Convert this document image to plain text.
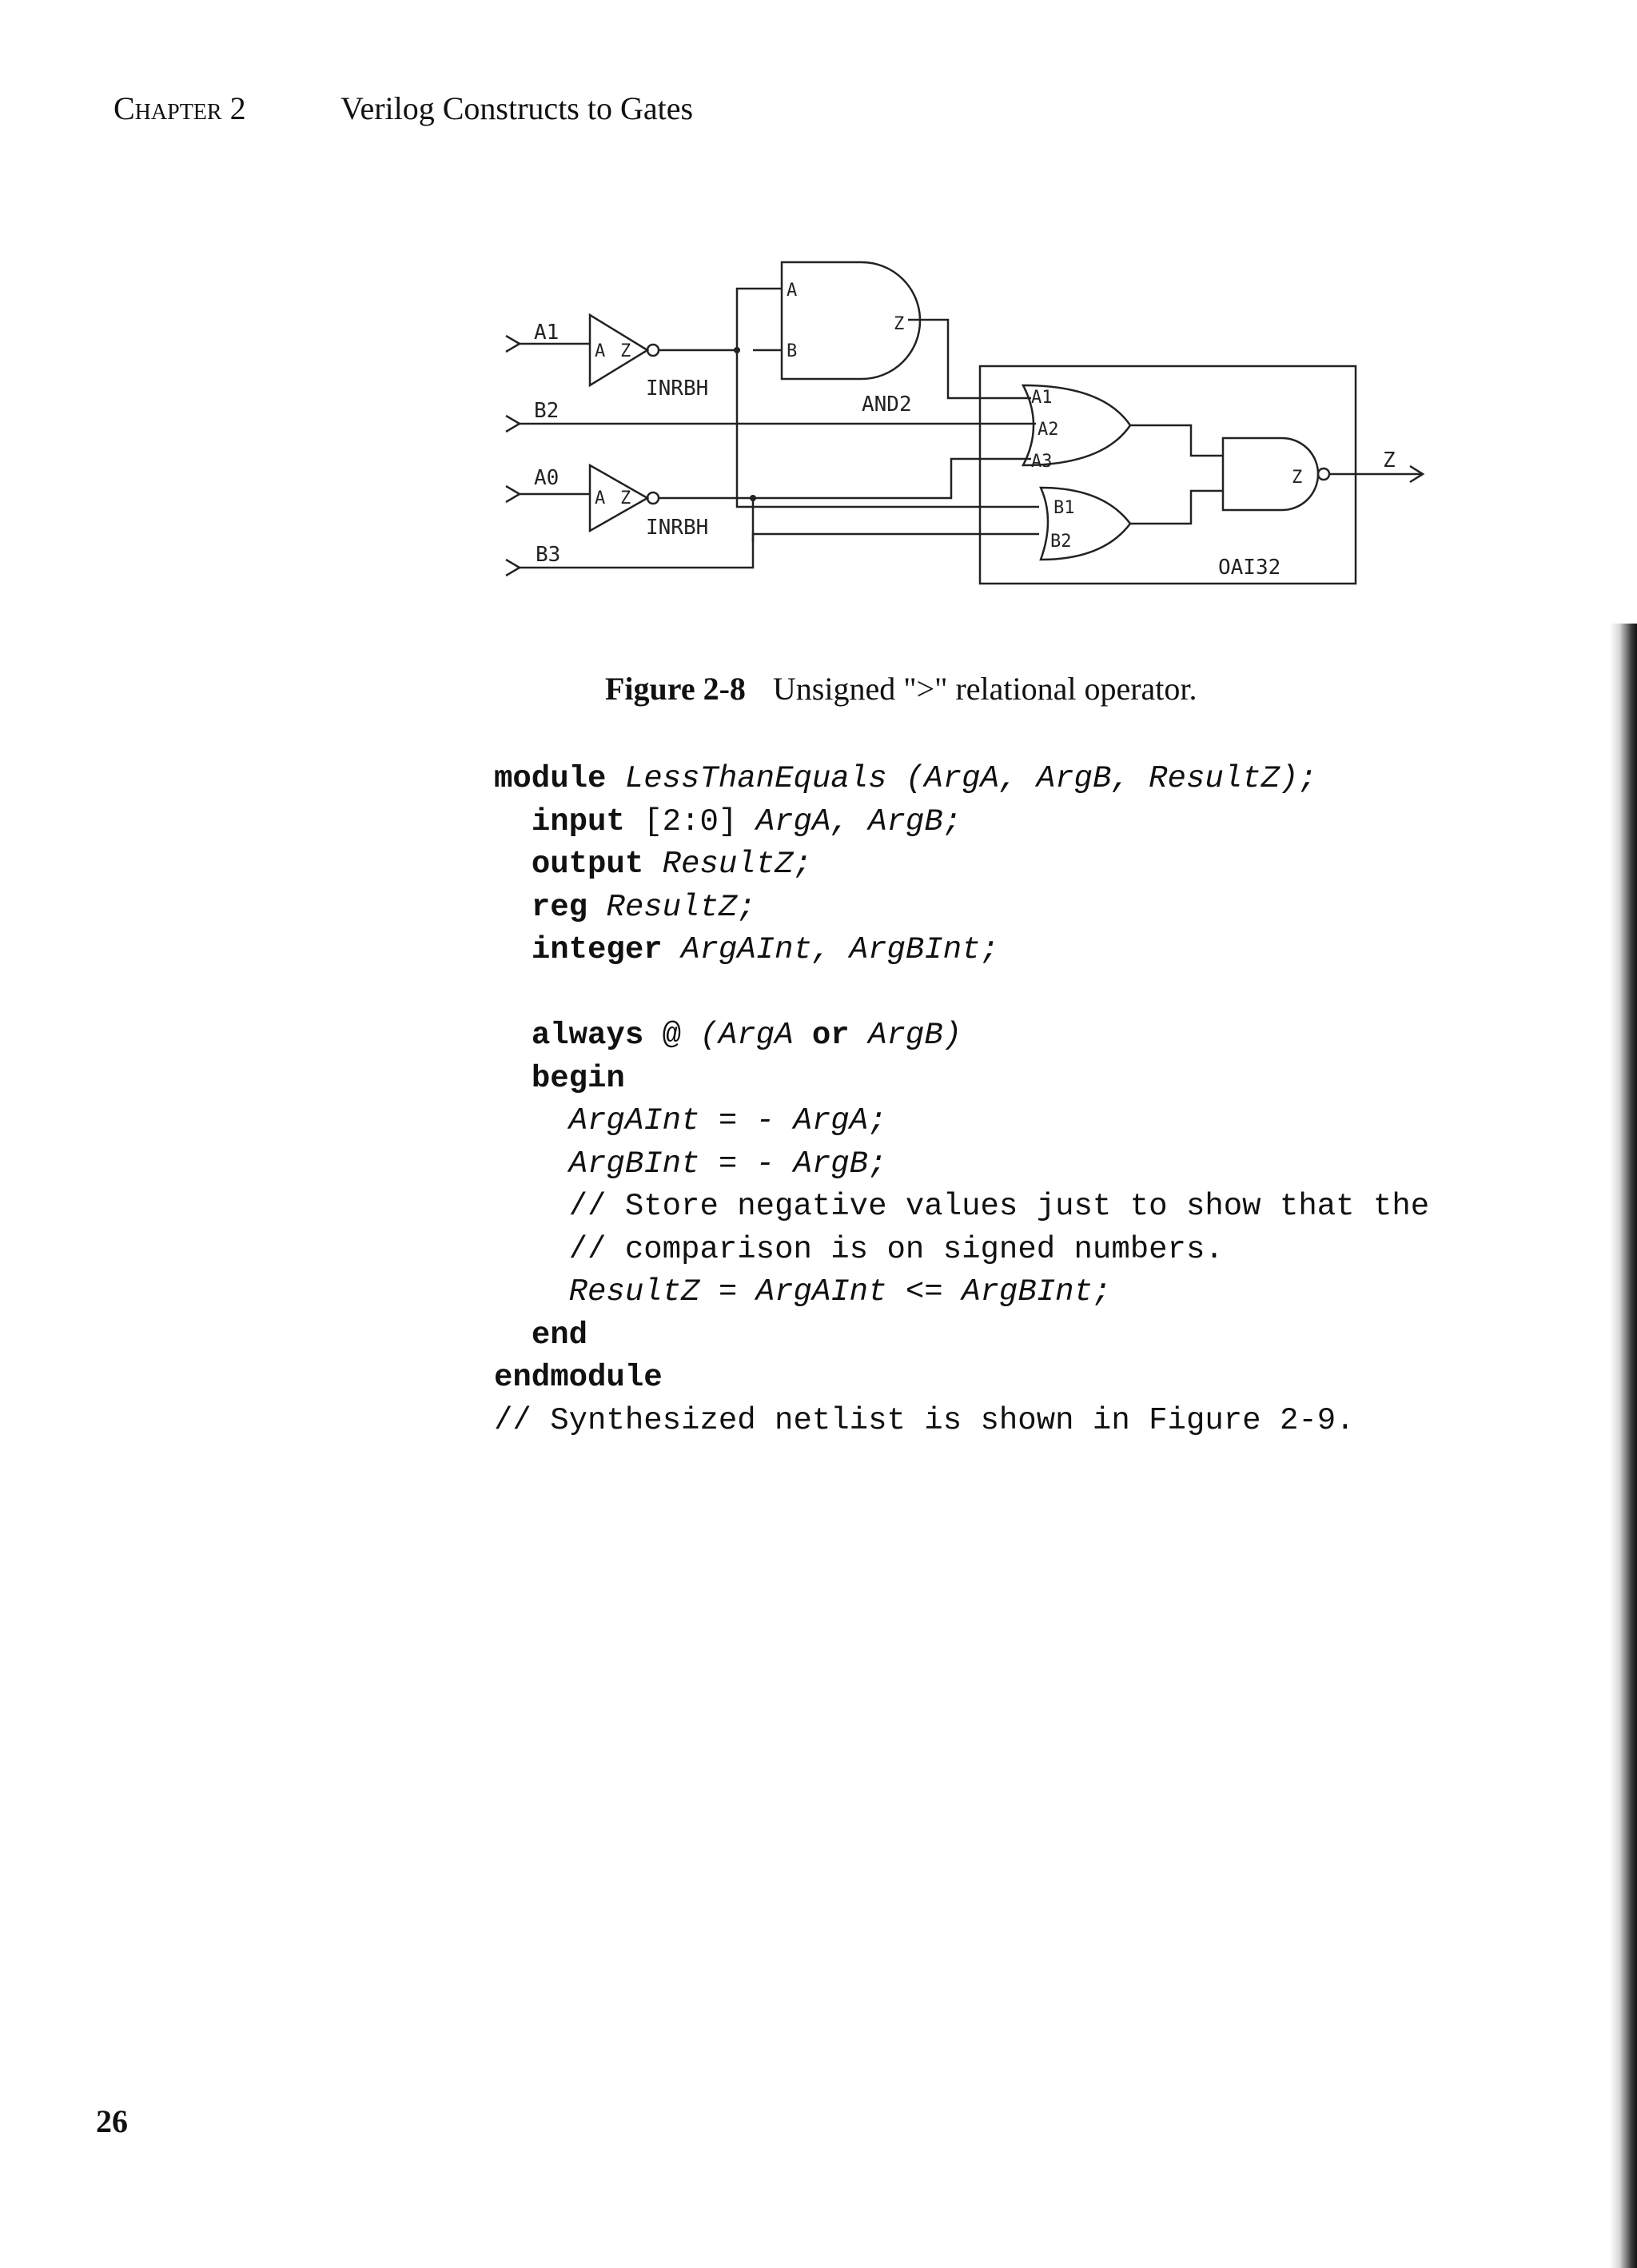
Chapter 2	Verilog Constructs to Gates
A1
B2
A0
B3
A Z
A Z
INRBH
INRBH
A
B
Z
AND2	A1
A2
A3
B1
B2
Z
OAI32
Z
Figure 2-8 Unsigned ">" relational operator.
module LessThanEquals (ArgA, ArgB, ResultZ);
input [2:0] ArgA, ArgB;
output ResultZ;
reg ResultZ;
integer ArgAInt, ArgBInt;
always @ (ArgA or ArgB)
begin
ArgAInt = - ArgA;
ArgBInt = - ArgB;
// Store negative values just to show that the
// comparison is on signed numbers.
ResultZ = ArgAInt <= ArgBInt;
end
endmodule
// Synthesized netlist is shown in Figure 2-9.
26
